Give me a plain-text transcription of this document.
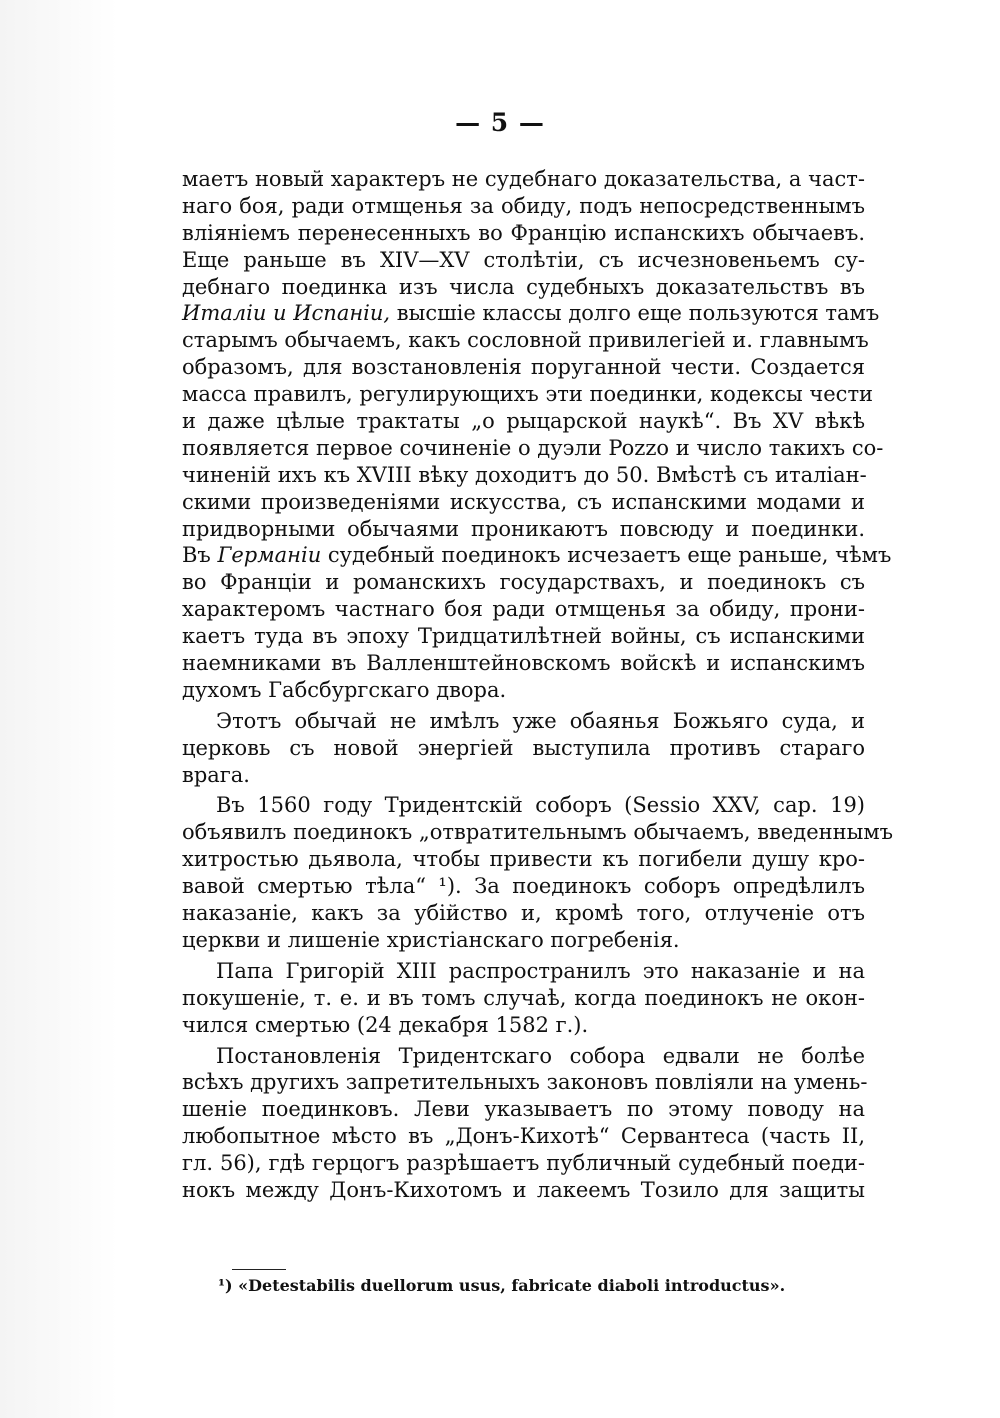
— 5 —
маетъ новый характеръ не судебнаго доказательства, а част-
наго боя, ради отмщенья за обиду, подъ непосредственнымъ
вліяніемъ перенесенныхъ во Францію испанскихъ обычаевъ.
Еще раньше въ XIV—XV столѣтіи, съ исчезновеньемъ су-
дебнаго поединка изъ числа судебныхъ доказательствъ въ
Италіи и Испаніи, высшіе классы долго еще пользуются тамъ
старымъ обычаемъ, какъ сословной привилегіей и. главнымъ
образомъ, для возстановленія поруганной чести. Создается
масса правилъ, регулирующихъ эти поединки, кодексы чести
и даже цѣлые трактаты „о рыцарской наукѣ“. Въ XV вѣкѣ
появляется первое сочиненіе о дуэли Pozzo и число такихъ со-
чиненій ихъ къ XVIII вѣку доходитъ до 50. Вмѣстѣ съ италіан-
скими произведеніями искусства, съ испанскими модами и
придворными обычаями проникаютъ повсюду и поединки.
Въ Германіи судебный поединокъ исчезаетъ еще раньше, чѣмъ
во Франціи и романскихъ государствахъ, и поединокъ съ
характеромъ частнаго боя ради отмщенья за обиду, прони-
каетъ туда въ эпоху Тридцатилѣтней войны, съ испанскими
наемниками въ Валленштейновскомъ войскѣ и испанскимъ
духомъ Габсбургскаго двора.
Этотъ обычай не имѣлъ уже обаянья Божьяго суда, и
церковь съ новой энергіей выступила противъ стараго
врага.
Въ 1560 году Тридентскій соборъ (Sessio XXV, cap. 19)
объявилъ поединокъ „отвратительнымъ обычаемъ, введеннымъ
хитростью дьявола, чтобы привести къ погибели душу кро-
вавой смертью тѣла“ ¹). За поединокъ соборъ опредѣлилъ
наказаніе, какъ за убійство и, кромѣ того, отлученіе отъ
церкви и лишеніе христіанскаго погребенія.
Папа Григорій XIII распространилъ это наказаніе и на
покушеніе, т. е. и въ томъ случаѣ, когда поединокъ не окон-
чился смертью (24 декабря 1582 г.).
Постановленія Тридентскаго собора едвали не болѣе
всѣхъ другихъ запретительныхъ законовъ повліяли на умень-
шеніе поединковъ. Леви указываетъ по этому поводу на
любопытное мѣсто въ „Донъ-Кихотѣ“ Сервантеса (часть II,
гл. 56), гдѣ герцогъ разрѣшаетъ публичный судебный поеди-
нокъ между Донъ-Кихотомъ и лакеемъ Тозило для защиты
¹) «Detestabilis duellorum usus, fabricate diaboli introductus».
